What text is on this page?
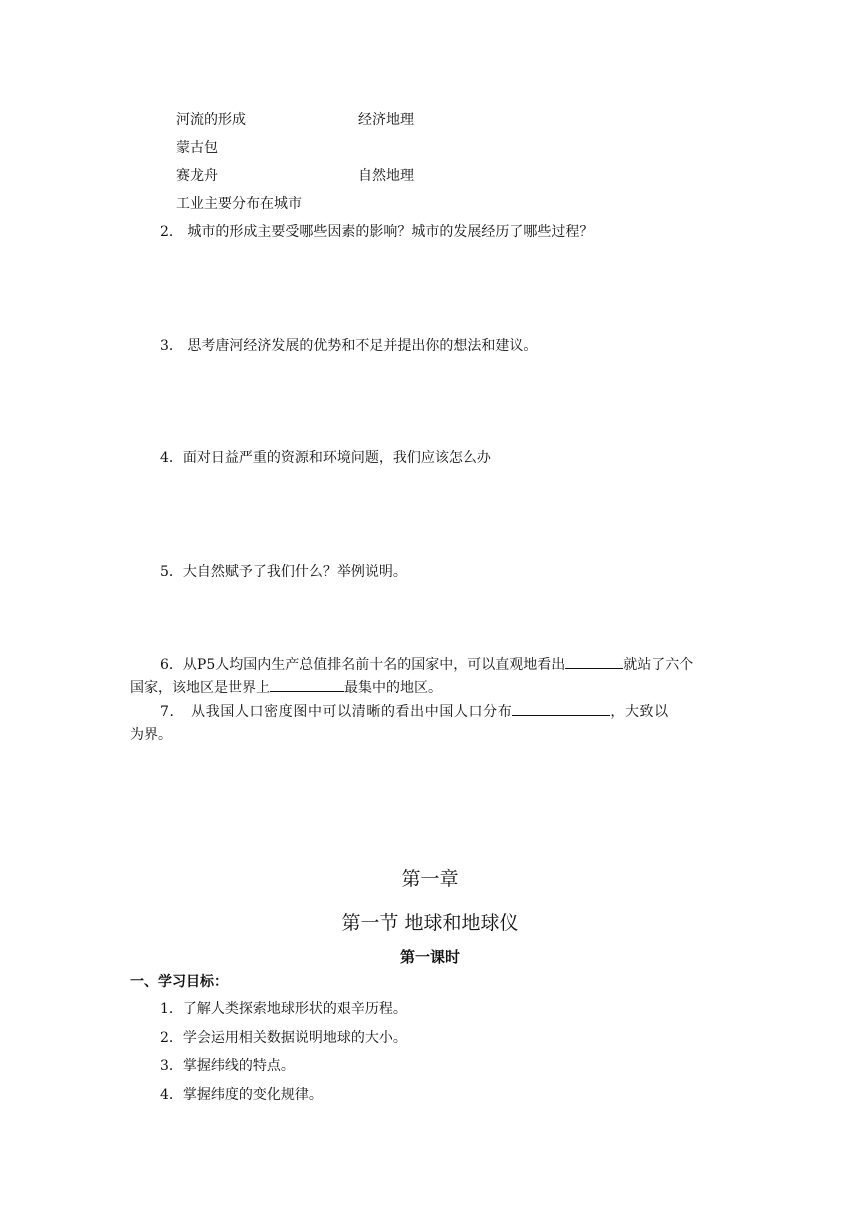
河流的形成	经济地理
蒙古包
赛龙舟	自然地理
工业主要分布在城市
2． 城市的形成主要受哪些因素的影响？城市的发展经历了哪些过程？
3． 思考唐河经济发展的优势和不足并提出你的想法和建议。
4．面对日益严重的资源和环境问题，我们应该怎么办
5．大自然赋予了我们什么？举例说明。
6．从P5人均国内生产总值排名前十名的国家中，可以直观地看出	就站了六个
国家，该地区是世界上	最集中的地区。
7． 从我国人口密度图中可以清晰的看出中国人口分布	，大致以
为界。
第一章
第一节 地球和地球仪
第一课时
一、学习目标：
1．了解人类探索地球形状的艰辛历程。
2．学会运用相关数据说明地球的大小。
3．掌握纬线的特点。
4．掌握纬度的变化规律。
